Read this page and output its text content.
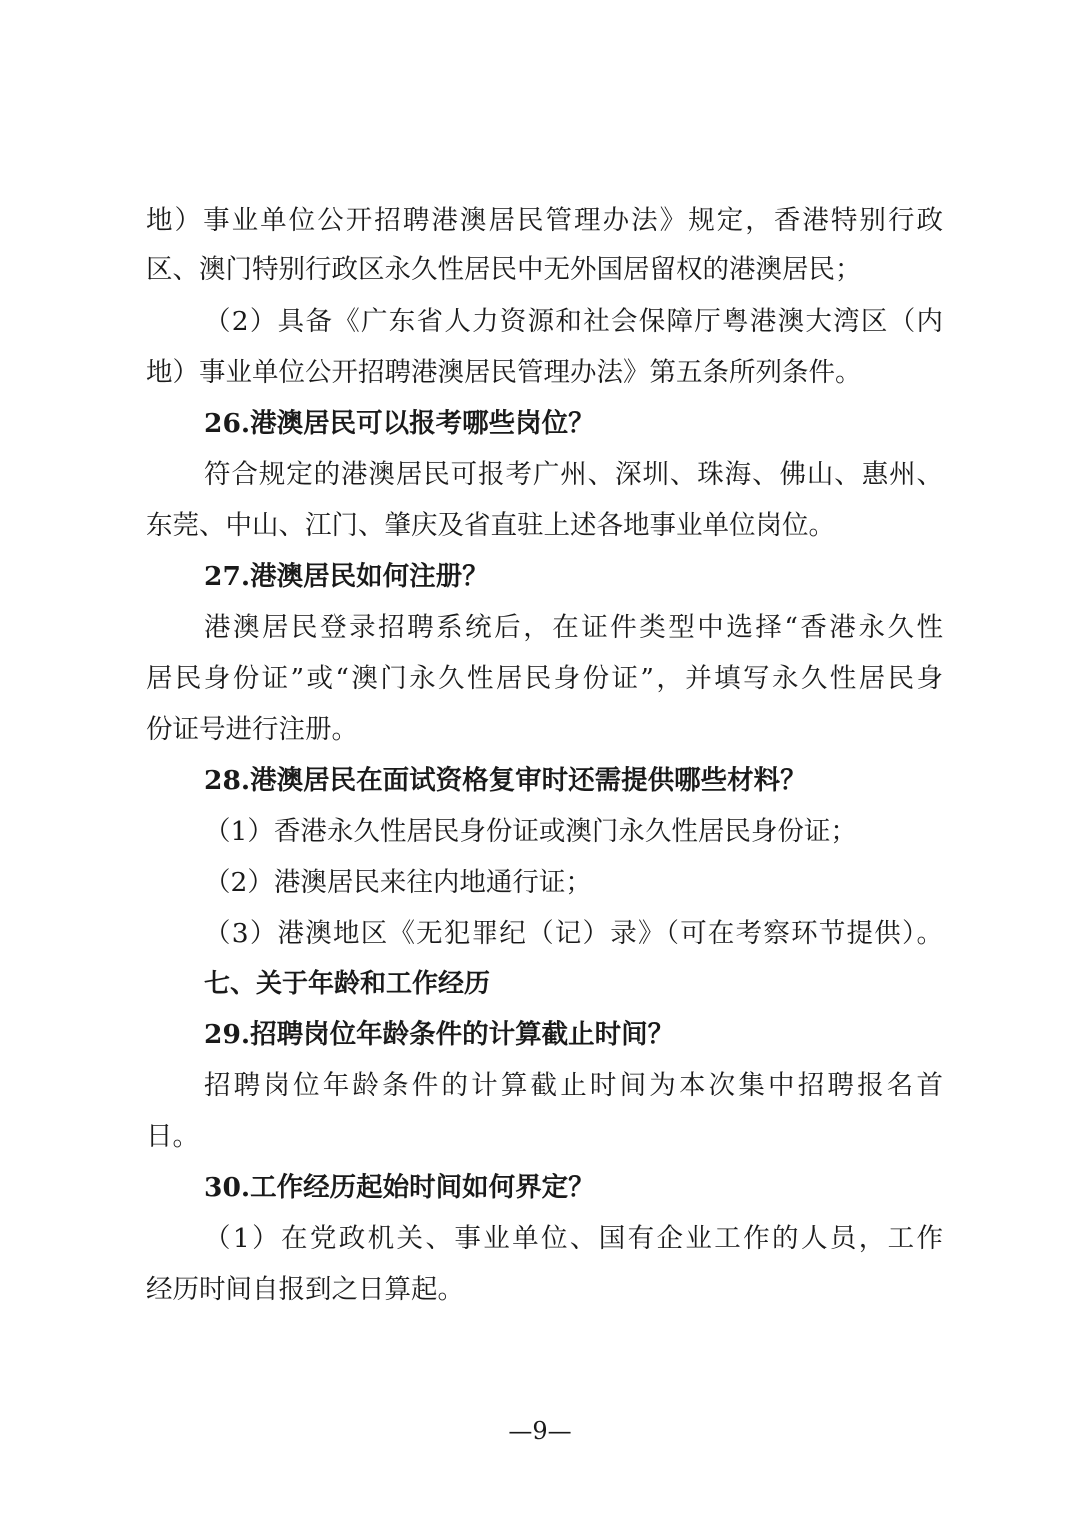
地）事业单位公开招聘港澳居民管理办法》规定，香港特别行政
区、澳门特别行政区永久性居民中无外国居留权的港澳居民；
（2）具备《广东省人力资源和社会保障厅粤港澳大湾区（内
地）事业单位公开招聘港澳居民管理办法》第五条所列条件。
26.港澳居民可以报考哪些岗位？
符合规定的港澳居民可报考广州、深圳、珠海、佛山、惠州、
东莞、中山、江门、肇庆及省直驻上述各地事业单位岗位。
27.港澳居民如何注册？
港澳居民登录招聘系统后，在证件类型中选择“香港永久性
居民身份证”或“澳门永久性居民身份证”，并填写永久性居民身
份证号进行注册。
28.港澳居民在面试资格复审时还需提供哪些材料？
（1）香港永久性居民身份证或澳门永久性居民身份证；
（2）港澳居民来往内地通行证；
（3）港澳地区《无犯罪纪（记）录》（可在考察环节提供）。
七、关于年龄和工作经历
29.招聘岗位年龄条件的计算截止时间？
招聘岗位年龄条件的计算截止时间为本次集中招聘报名首
日。
30.工作经历起始时间如何界定？
（1）在党政机关、事业单位、国有企业工作的人员，工作
经历时间自报到之日算起。
—9—
